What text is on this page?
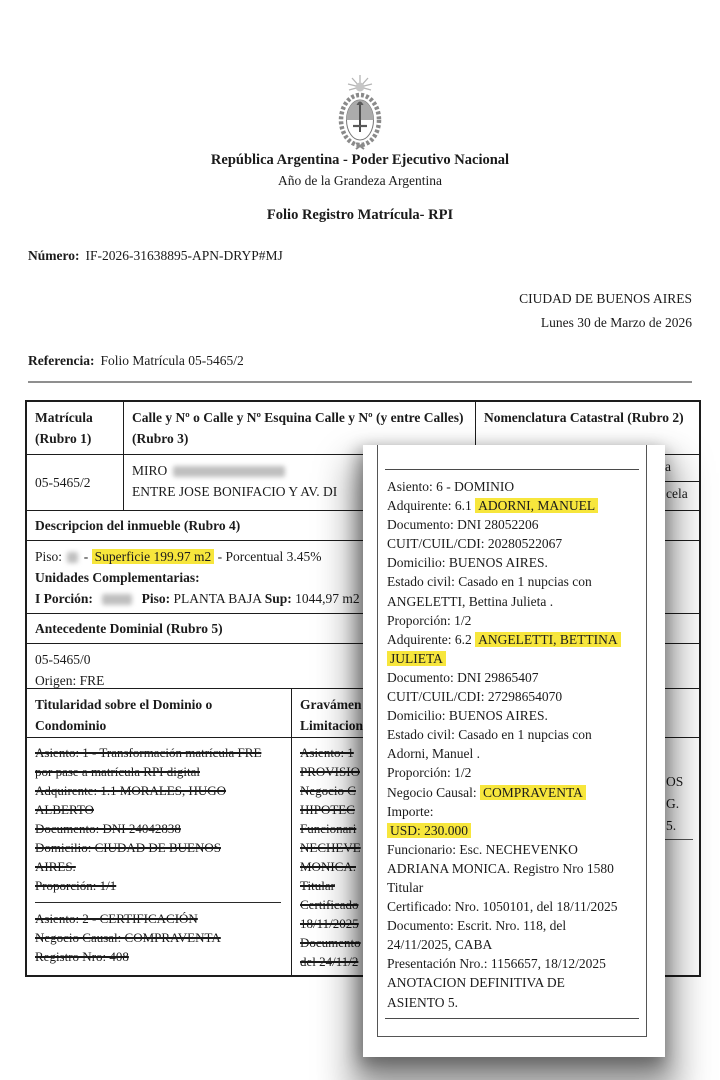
República Argentina - Poder Ejecutivo Nacional
Año de la Grandeza Argentina
Folio Registro Matrícula- RPI
Número: IF-2026-31638895-APN-DRYP#MJ
CIUDAD DE BUENOS AIRES
Lunes 30 de Marzo de 2026
Referencia: Folio Matrícula 05-5465/2
Matrícula (Rubro 1)
Calle y Nº o Calle y Nº Esquina Calle y Nº (y entre Calles) (Rubro 3)
Nomenclatura Catastral (Rubro 2)
05-5465/2
MIRO
ENTRE JOSE BONIFACIO Y AV. DI
a
cela
Descripcion del inmueble (Rubro 4)
Piso: - Superficie 199.97 m2 - Porcentual 3.45%
Unidades Complementarias:
I Porción:	Piso: PLANTA BAJA Sup: 1044,97 m2
Antecedente Dominial (Rubro 5)
05-5465/0
Origen: FRE
Titularidad sobre el Dominio o
Condominio
Gravámen
Limitacion
Asiento: 1 - Transformación matrícula FRE
por pase a matrícula RPI digital
Adquirente: 1.1 MORALES, HUGO
ALBERTO
Documento: DNI 24042838
Domicilio: CIUDAD DE BUENOS
AIRES.
Proporción: 1/1
Asiento: 2 - CERTIFICACIÓN
Negocio Causal: COMPRAVENTA
Registro Nro: 408
Asiento: 1
PROVISIO
Negocio C
HIPOTEC
Funcionari
NECHEVE
MONICA.
Titular
Certificado
18/11/2025
Documento
del 24/11/2
OS
G.
5.
Asiento: 6 - DOMINIO
Adquirente: 6.1 ADORNI, MANUEL
Documento: DNI 28052206
CUIT/CUIL/CDI: 20280522067
Domicilio: BUENOS AIRES.
Estado civil: Casado en 1 nupcias con
ANGELETTI, Bettina Julieta .
Proporción: 1/2
Adquirente: 6.2 ANGELETTI, BETTINA
JULIETA
Documento: DNI 29865407
CUIT/CUIL/CDI: 27298654070
Domicilio: BUENOS AIRES.
Estado civil: Casado en 1 nupcias con
Adorni, Manuel .
Proporción: 1/2
Negocio Causal: COMPRAVENTA
Importe:
USD: 230.000
Funcionario: Esc. NECHEVENKO
ADRIANA MONICA. Registro Nro 1580
Titular
Certificado: Nro. 1050101, del 18/11/2025
Documento: Escrit. Nro. 118, del
24/11/2025, CABA
Presentación Nro.: 1156657, 18/12/2025
ANOTACION DEFINITIVA DE
ASIENTO 5.
